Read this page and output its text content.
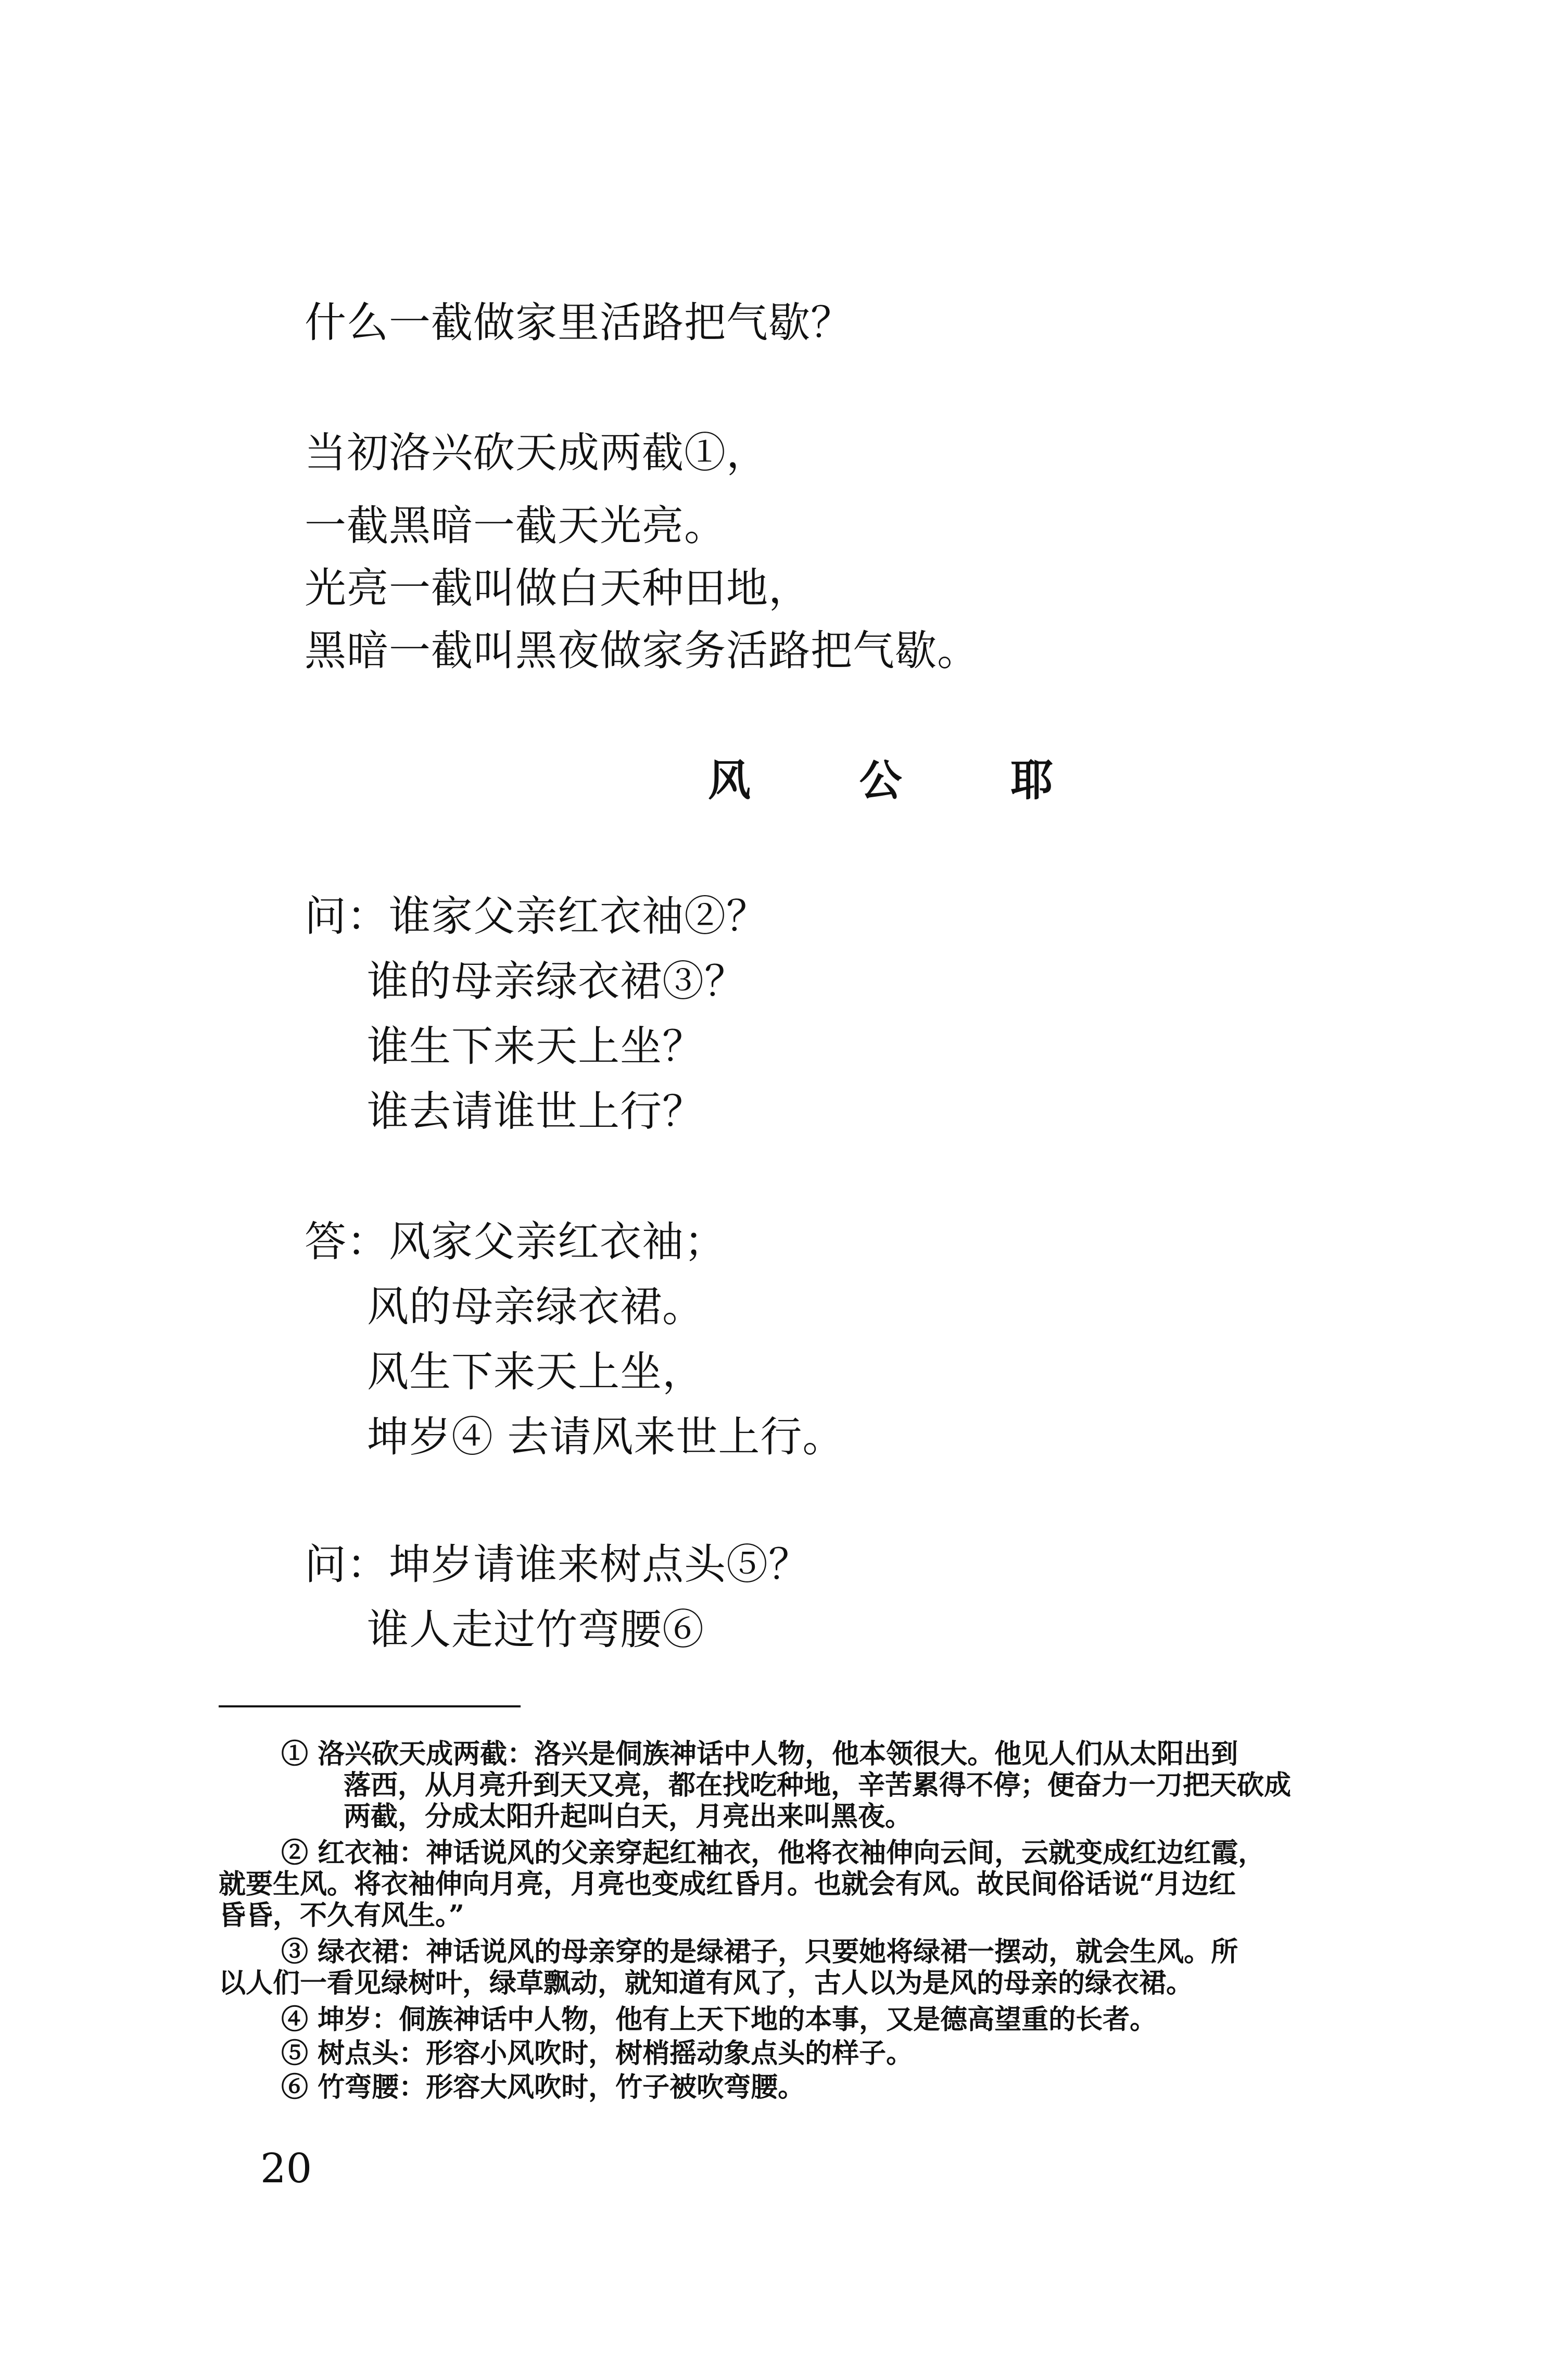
什么一截做家里活路把气歇？
当初洛兴砍天成两截①，
一截黑暗一截天光亮。
光亮一截叫做白天种田地，
黑暗一截叫黑夜做家务活路把气歇。
风 公 耶
问：谁家父亲红衣袖②？
谁的母亲绿衣裙③？
谁生下来天上坐？
谁去请谁世上行？
答：风家父亲红衣袖；
风的母亲绿衣裙。
风生下来天上坐，
坤岁④ 去请风来世上行。
问：坤岁请谁来树点头⑤？
谁人走过竹弯腰⑥
① 洛兴砍天成两截：洛兴是侗族神话中人物，他本领很大。他见人们从太阳出到
落西，从月亮升到天又亮，都在找吃种地，辛苦累得不停；便奋力一刀把天砍成
两截，分成太阳升起叫白天，月亮出来叫黑夜。
② 红衣袖：神话说风的父亲穿起红袖衣，他将衣袖伸向云间，云就变成红边红霞，
就要生风。将衣袖伸向月亮，月亮也变成红昏月。也就会有风。故民间俗话说“月边红
昏昏，不久有风生。”
③ 绿衣裙：神话说风的母亲穿的是绿裙子，只要她将绿裙一摆动，就会生风。所
以人们一看见绿树叶，绿草飘动，就知道有风了，古人以为是风的母亲的绿衣裙。
④ 坤岁：侗族神话中人物，他有上天下地的本事，又是德高望重的长者。
⑤ 树点头：形容小风吹时，树梢摇动象点头的样子。
⑥ 竹弯腰：形容大风吹时，竹子被吹弯腰。
20
